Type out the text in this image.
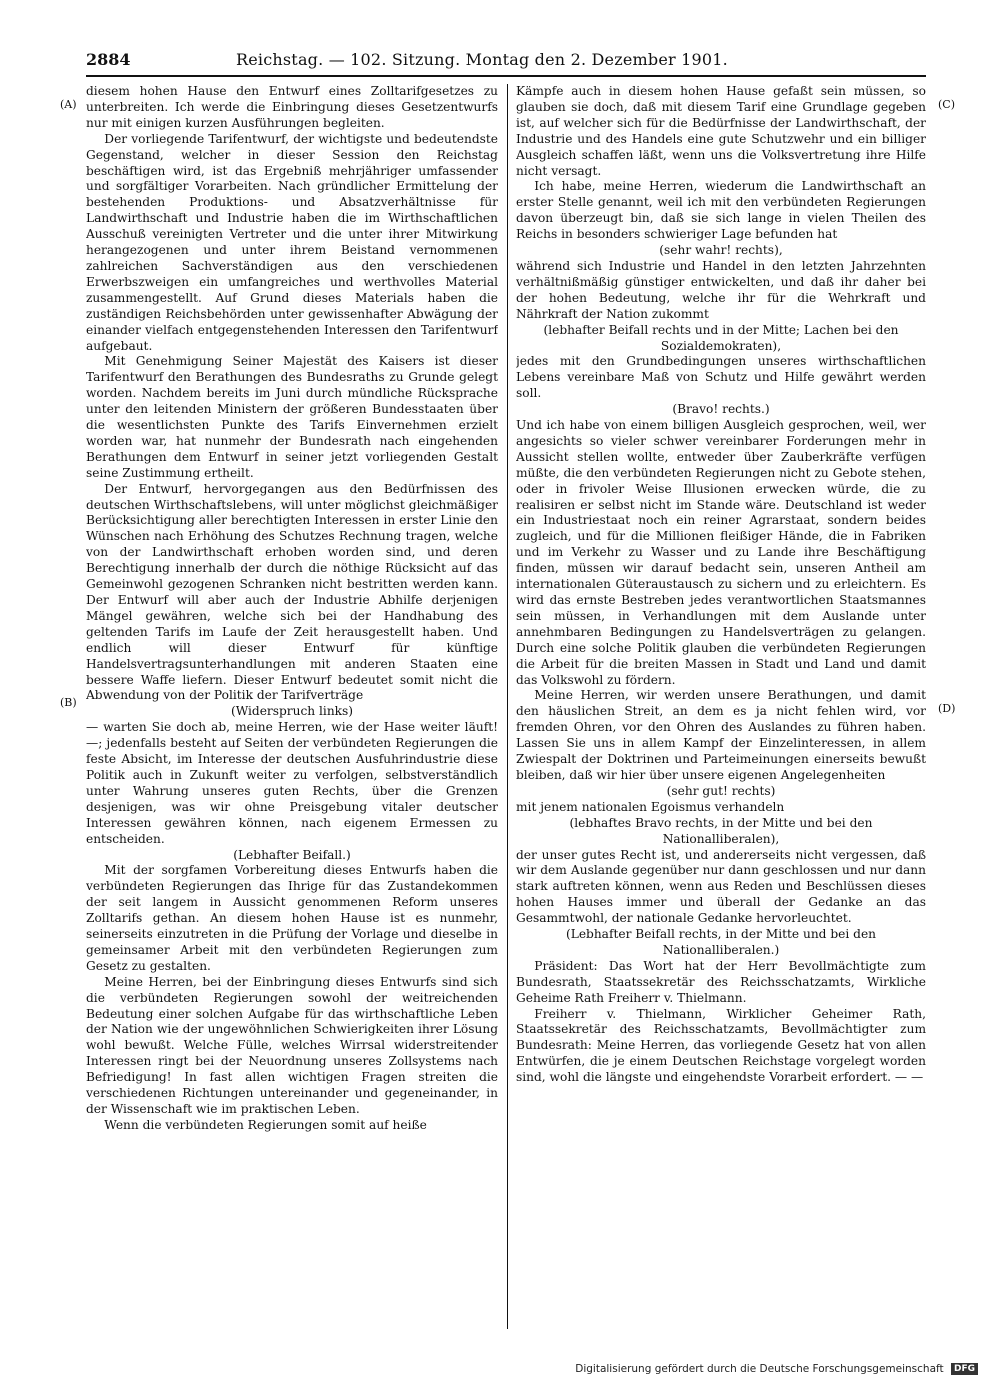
2884	Reichstag. — 102. Sitzung. Montag den 2. Dezember 1901.
(A)
(B)
(C)
(D)

diesem hohen Hause den Entwurf eines Zolltarifgesetzes zu unterbreiten. Ich werde die Einbringung dieses Gesetzentwurfs nur mit einigen kurzen Ausführungen begleiten.

Der vorliegende Tarifentwurf, der wichtigste und bedeutendste Gegenstand, welcher in dieser Session den Reichstag beschäftigen wird, ist das Ergebniß mehrjähriger umfassender und sorgfältiger Vorarbeiten. Nach gründlicher Ermittelung der bestehenden Produktions- und Absatzverhältnisse für Landwirthschaft und Industrie haben die im Wirthschaftlichen Ausschuß vereinigten Vertreter und die unter ihrer Mitwirkung herangezogenen und unter ihrem Beistand vernommenen zahlreichen Sachverständigen aus den verschiedenen Erwerbszweigen ein umfangreiches und werthvolles Material zusammengestellt. Auf Grund dieses Materials haben die zuständigen Reichsbehörden unter gewissenhafter Abwägung der einander vielfach entgegenstehenden Interessen den Tarifentwurf aufgebaut.

Mit Genehmigung Seiner Majestät des Kaisers ist dieser Tarifentwurf den Berathungen des Bundesraths zu Grunde gelegt worden. Nachdem bereits im Juni durch mündliche Rücksprache unter den leitenden Ministern der größeren Bundesstaaten über die wesentlichsten Punkte des Tarifs Einvernehmen erzielt worden war, hat nunmehr der Bundesrath nach eingehenden Berathungen dem Entwurf in seiner jetzt vorliegenden Gestalt seine Zustimmung ertheilt.

Der Entwurf, hervorgegangen aus den Bedürfnissen des deutschen Wirthschaftslebens, will unter möglichst gleichmäßiger Berücksichtigung aller berechtigten Interessen in erster Linie den Wünschen nach Erhöhung des Schutzes Rechnung tragen, welche von der Landwirthschaft erhoben worden sind, und deren Berechtigung innerhalb der durch die nöthige Rücksicht auf das Gemeinwohl gezogenen Schranken nicht bestritten werden kann. Der Entwurf will aber auch der Industrie Abhilfe derjenigen Mängel gewähren, welche sich bei der Handhabung des geltenden Tarifs im Laufe der Zeit herausgestellt haben. Und endlich will dieser Entwurf für künftige Handelsvertragsunterhandlungen mit anderen Staaten eine bessere Waffe liefern. Dieser Entwurf bedeutet somit nicht die Abwendung von der Politik der Tarifverträge

(Widerspruch links)

— warten Sie doch ab, meine Herren, wie der Hase weiter läuft! —; jedenfalls besteht auf Seiten der verbündeten Regierungen die feste Absicht, im Interesse der deutschen Ausfuhrindustrie diese Politik auch in Zukunft weiter zu verfolgen, selbstverständlich unter Wahrung unseres guten Rechts, über die Grenzen desjenigen, was wir ohne Preisgebung vitaler deutscher Interessen gewähren können, nach eigenem Ermessen zu entscheiden.

(Lebhafter Beifall.)

Mit der sorgfamen Vorbereitung dieses Entwurfs haben die verbündeten Regierungen das Ihrige für das Zustandekommen der seit langem in Aussicht genommenen Reform unseres Zolltarifs gethan. An diesem hohen Hause ist es nunmehr, seinerseits einzutreten in die Prüfung der Vorlage und dieselbe in gemeinsamer Arbeit mit den verbündeten Regierungen zum Gesetz zu gestalten.

Meine Herren, bei der Einbringung dieses Entwurfs sind sich die verbündeten Regierungen sowohl der weitreichenden Bedeutung einer solchen Aufgabe für das wirthschaftliche Leben der Nation wie der ungewöhnlichen Schwierigkeiten ihrer Lösung wohl bewußt. Welche Fülle, welches Wirrsal widerstreitender Interessen ringt bei der Neuordnung unseres Zollsystems nach Befriedigung! In fast allen wichtigen Fragen streiten die verschiedenen Richtungen untereinander und gegeneinander, in der Wissenschaft wie im praktischen Leben.

Wenn die verbündeten Regierungen somit auf heiße

Kämpfe auch in diesem hohen Hause gefaßt sein müssen, so glauben sie doch, daß mit diesem Tarif eine Grundlage gegeben ist, auf welcher sich für die Bedürfnisse der Landwirthschaft, der Industrie und des Handels eine gute Schutzwehr und ein billiger Ausgleich schaffen läßt, wenn uns die Volksvertretung ihre Hilfe nicht versagt.

Ich habe, meine Herren, wiederum die Landwirthschaft an erster Stelle genannt, weil ich mit den verbündeten Regierungen davon überzeugt bin, daß sie sich lange in vielen Theilen des Reichs in besonders schwieriger Lage befunden hat

(sehr wahr! rechts),

während sich Industrie und Handel in den letzten Jahrzehnten verhältnißmäßig günstiger entwickelten, und daß ihr daher bei der hohen Bedeutung, welche ihr für die Wehrkraft und Nährkraft der Nation zukommt

(lebhafter Beifall rechts und in der Mitte; Lachen bei den Sozialdemokraten),

jedes mit den Grundbedingungen unseres wirthschaftlichen Lebens vereinbare Maß von Schutz und Hilfe gewährt werden soll.

(Bravo! rechts.)

Und ich habe von einem billigen Ausgleich gesprochen, weil, wer angesichts so vieler schwer vereinbarer Forderungen mehr in Aussicht stellen wollte, entweder über Zauberkräfte verfügen müßte, die den verbündeten Regierungen nicht zu Gebote stehen, oder in frivoler Weise Illusionen erwecken würde, die zu realisiren er selbst nicht im Stande wäre. Deutschland ist weder ein Industriestaat noch ein reiner Agrarstaat, sondern beides zugleich, und für die Millionen fleißiger Hände, die in Fabriken und im Verkehr zu Wasser und zu Lande ihre Beschäftigung finden, müssen wir darauf bedacht sein, unseren Antheil am internationalen Güteraustausch zu sichern und zu erleichtern. Es wird das ernste Bestreben jedes verantwortlichen Staatsmannes sein müssen, in Verhandlungen mit dem Auslande unter annehmbaren Bedingungen zu Handelsverträgen zu gelangen. Durch eine solche Politik glauben die verbündeten Regierungen die Arbeit für die breiten Massen in Stadt und Land und damit das Volkswohl zu fördern.

Meine Herren, wir werden unsere Berathungen, und damit den häuslichen Streit, an dem es ja nicht fehlen wird, vor fremden Ohren, vor den Ohren des Auslandes zu führen haben. Lassen Sie uns in allem Kampf der Einzelinteressen, in allem Zwiespalt der Doktrinen und Parteimeinungen einerseits bewußt bleiben, daß wir hier über unsere eigenen Angelegenheiten

(sehr gut! rechts)

mit jenem nationalen Egoismus verhandeln

(lebhaftes Bravo rechts, in der Mitte und bei den Nationalliberalen),

der unser gutes Recht ist, und andererseits nicht vergessen, daß wir dem Auslande gegenüber nur dann geschlossen und nur dann stark auftreten können, wenn aus Reden und Beschlüssen dieses hohen Hauses immer und überall der Gedanke an das Gesammtwohl, der nationale Gedanke hervorleuchtet.

(Lebhafter Beifall rechts, in der Mitte und bei den Nationalliberalen.)

Präsident: Das Wort hat der Herr Bevollmächtigte zum Bundesrath, Staatssekretär des Reichsschatzamts, Wirkliche Geheime Rath Freiherr v. Thielmann.

Freiherr v. Thielmann, Wirklicher Geheimer Rath, Staatssekretär des Reichsschatzamts, Bevollmächtigter zum Bundesrath: Meine Herren, das vorliegende Gesetz hat von allen Entwürfen, die je einem Deutschen Reichstage vorgelegt worden sind, wohl die längste und eingehendste Vorarbeit erfordert. — —

Digitalisierung gefördert durch die Deutsche Forschungsgemeinschaft DFG
